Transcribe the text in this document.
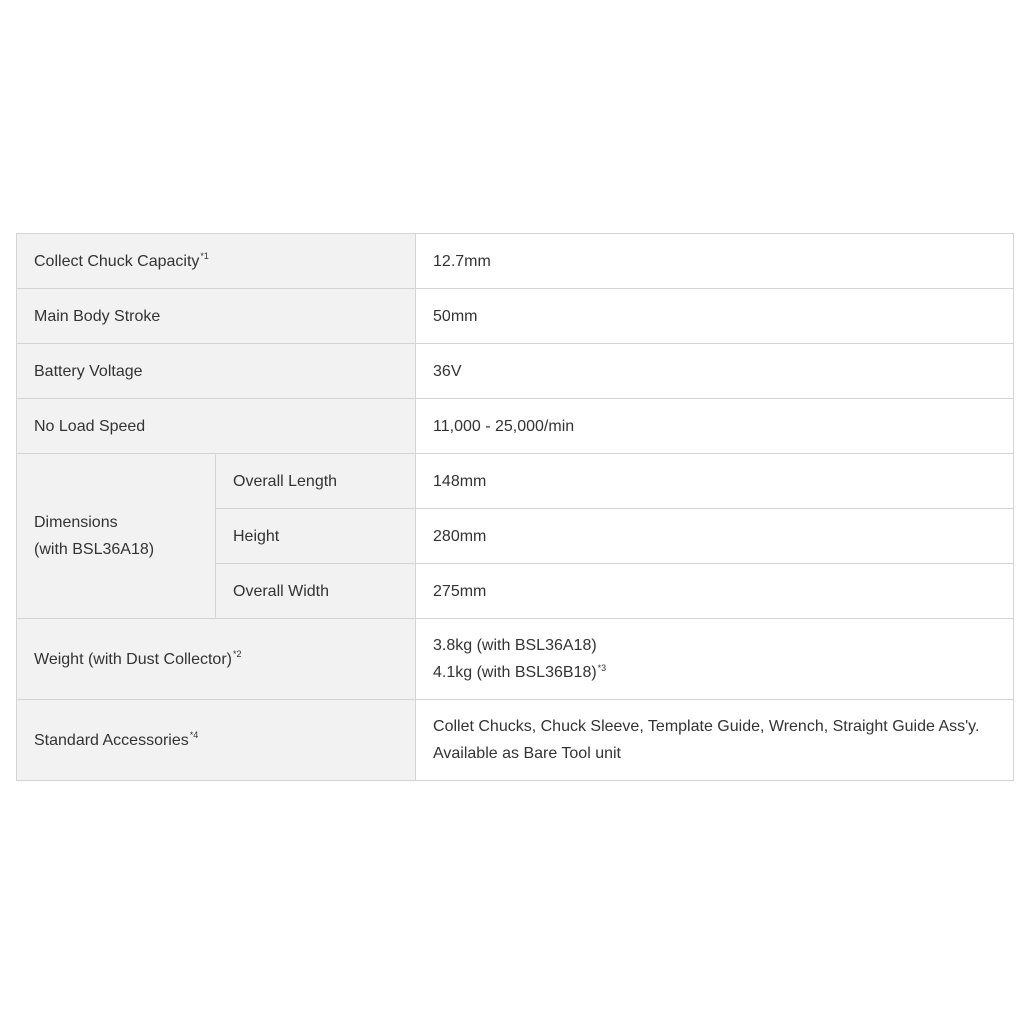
Collect Chuck Capacity$^{*1}$		12.7mm
Main Body Stroke		50mm
Battery Voltage		36V
No Load Speed		11,000 - 25,000/min

Dimensions
(with BSL36A18)	Overall Length	148mm
	Height	280mm
	Overall Width	275mm
Weight (with Dust Collector)$^{*2}$		3.8kg (with BSL36A18)
4.1kg (with BSL36B18)$^{*3}$

Standard Accessories$^{*4}$		Collet Chucks, Chuck Sleeve, Template Guide, Wrench, Straight Guide Ass'y.
Available as Bare Tool unit
